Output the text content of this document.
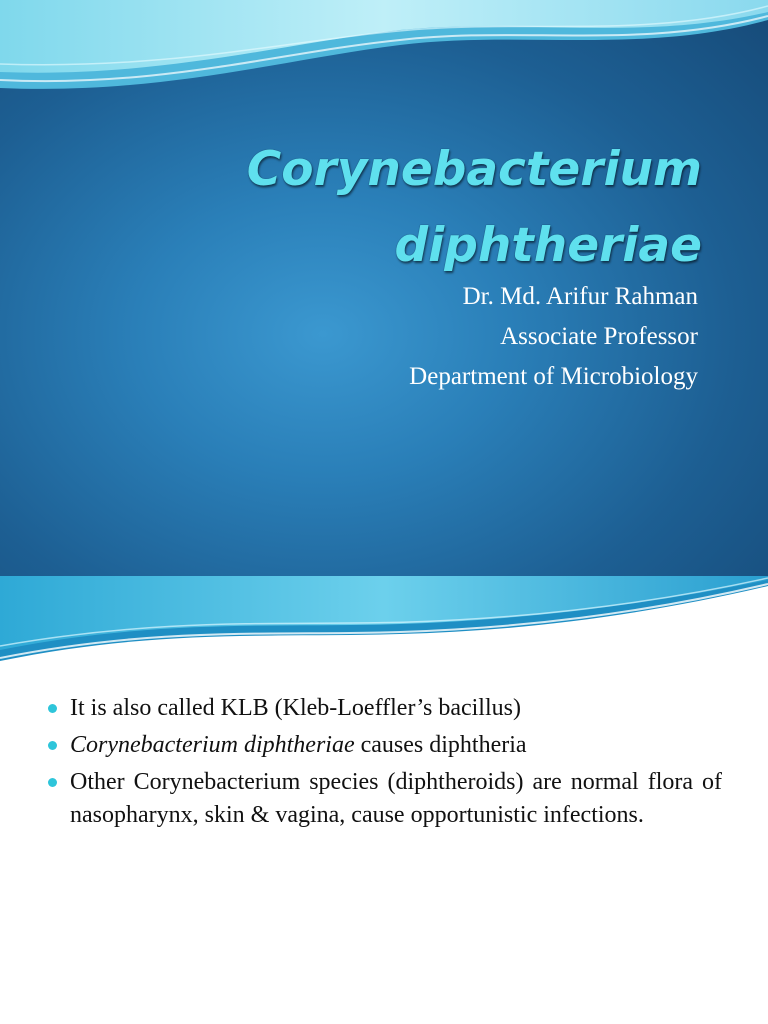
Corynebacterium
diphtheriae
Dr. Md. Arifur Rahman
Associate Professor
Department of Microbiology
It is also called KLB (Kleb-Loeffler’s bacillus)
Corynebacterium diphtheriae causes diphtheria
Other Corynebacterium species (diphtheroids) are normal flora of nasopharynx, skin & vagina, cause opportunistic infections.
